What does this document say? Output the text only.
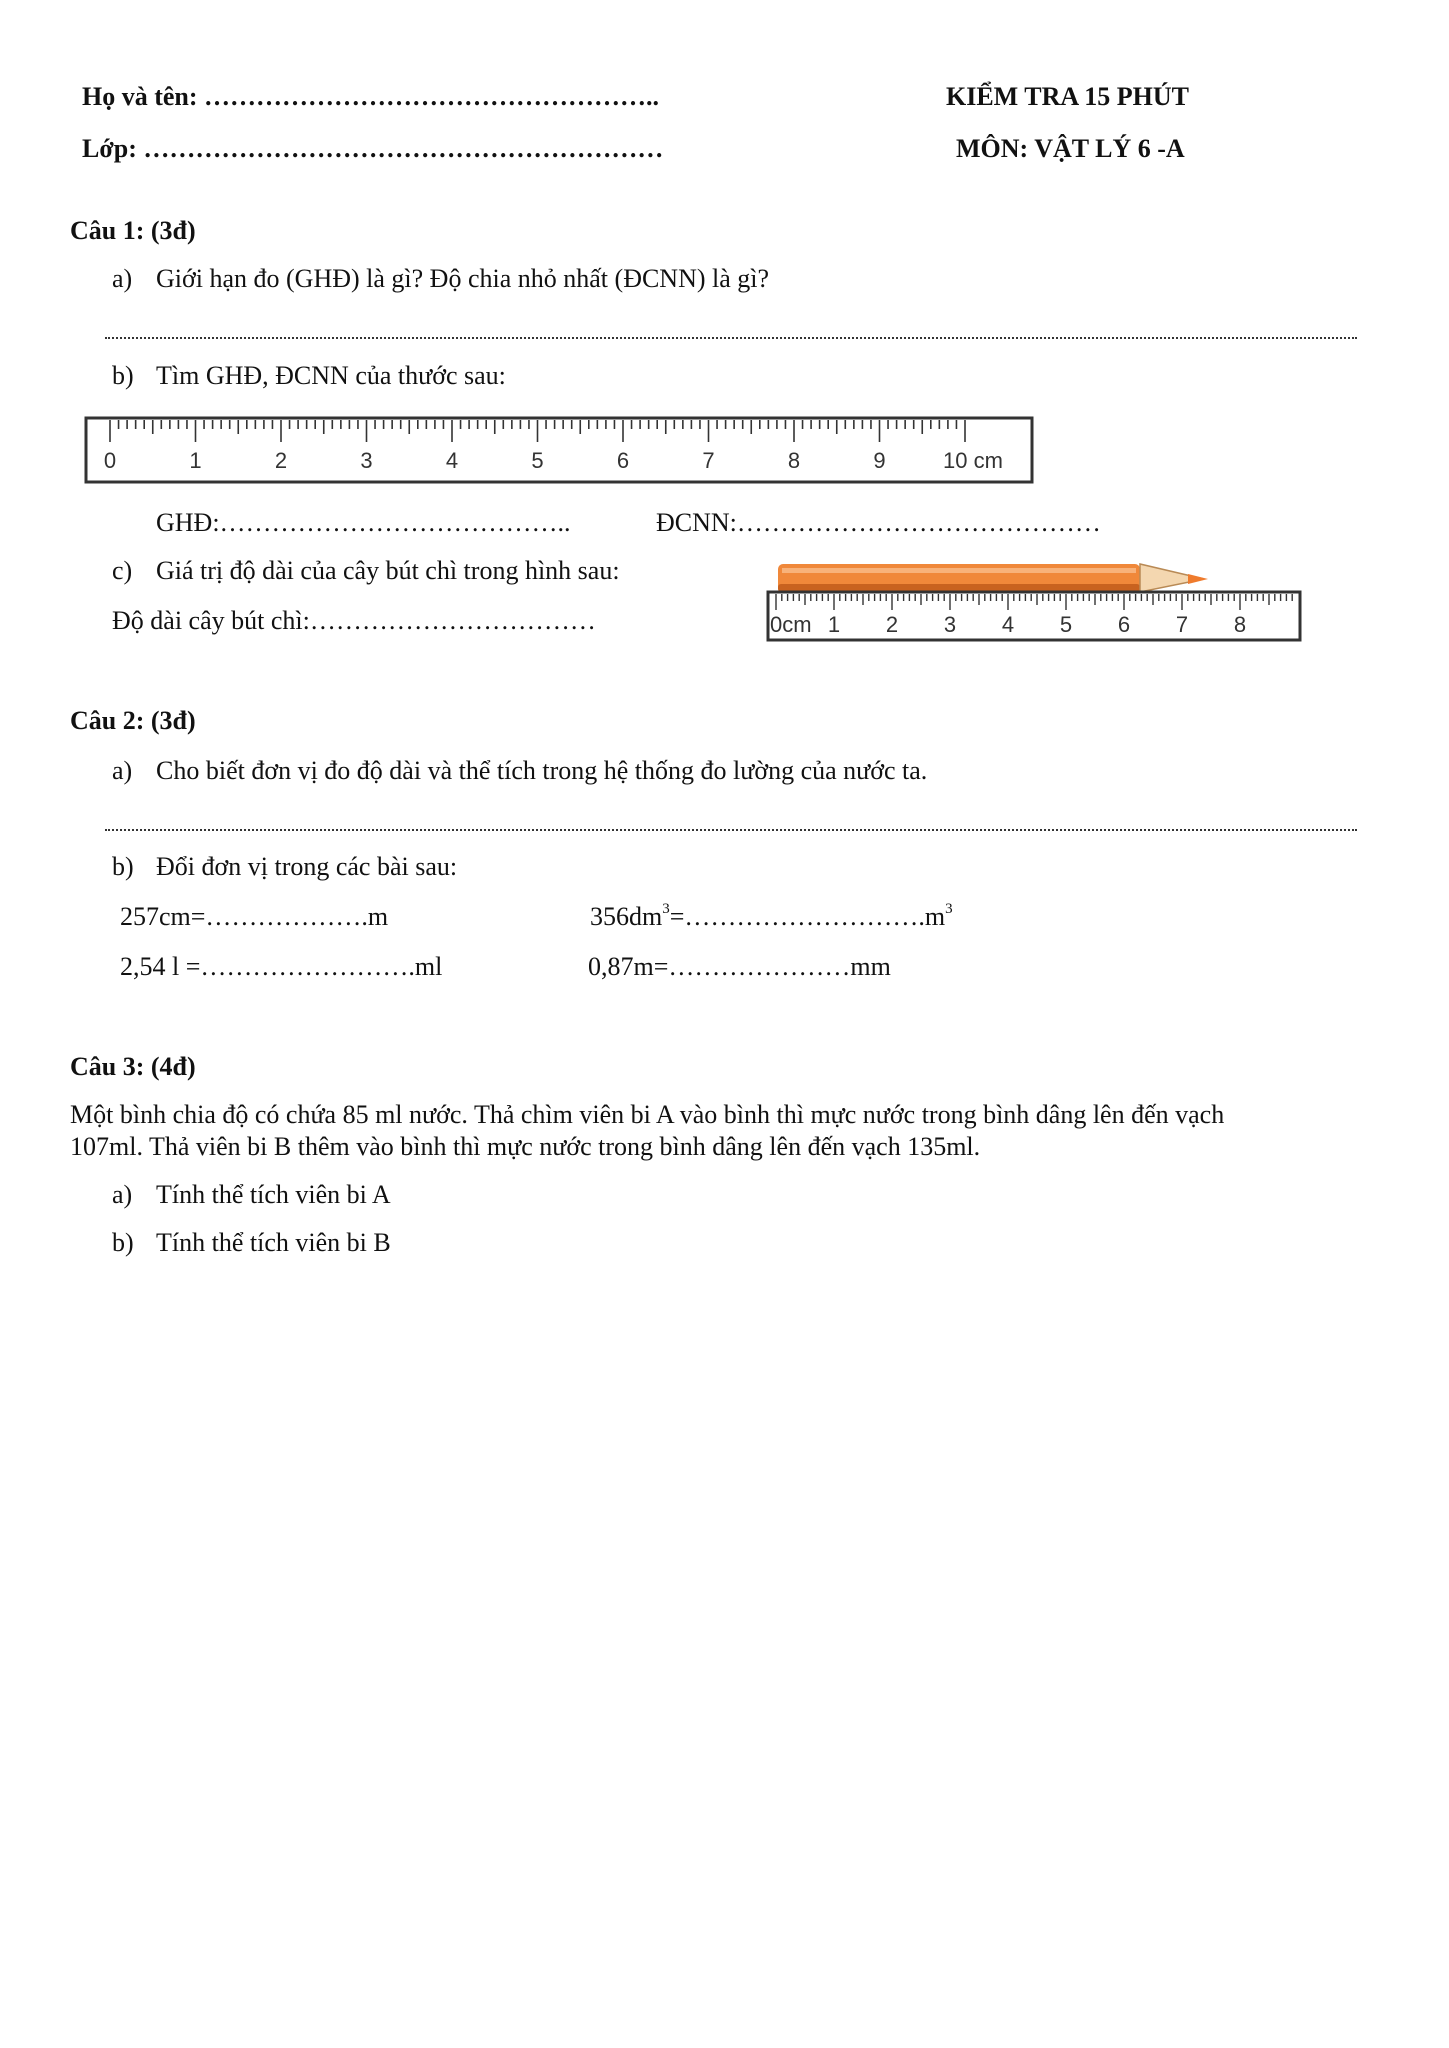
Họ và tên: ……………………………………………..
Lớp: ……………………………………………………
KIỂM TRA 15 PHÚT
MÔN: VẬT LÝ 6 -A
Câu 1: (3đ)
a) Giới hạn đo (GHĐ) là gì? Độ chia nhỏ nhất (ĐCNN) là gì?
b) Tìm GHĐ, ĐCNN của thước sau:
0	1	2	3	4	5	6	7	8	9	10 cm
GHĐ:…………………………………..	ĐCNN:……………………………………
c) Giá trị độ dài của cây bút chì trong hình sau:
Độ dài cây bút chì:……………………………	0cm 1 2 3 4 5 6 7 8
Câu 2: (3đ)
a) Cho biết đơn vị đo độ dài và thể tích trong hệ thống đo lường của nước ta.
b) Đổi đơn vị trong các bài sau:
257cm=……………….m	$356dm^3=\dots\dots\dots\dots\dots\dots\dots\dots\dots.m^3$
2,54 l =…………………….ml	0,87m=…………………mm
Câu 3: (4đ)
Một bình chia độ có chứa 85 ml nước. Thả chìm viên bi A vào bình thì mực nước trong bình dâng lên đến vạch
107ml. Thả viên bi B thêm vào bình thì mực nước trong bình dâng lên đến vạch 135ml.
a) Tính thể tích viên bi A
b) Tính thể tích viên bi B
